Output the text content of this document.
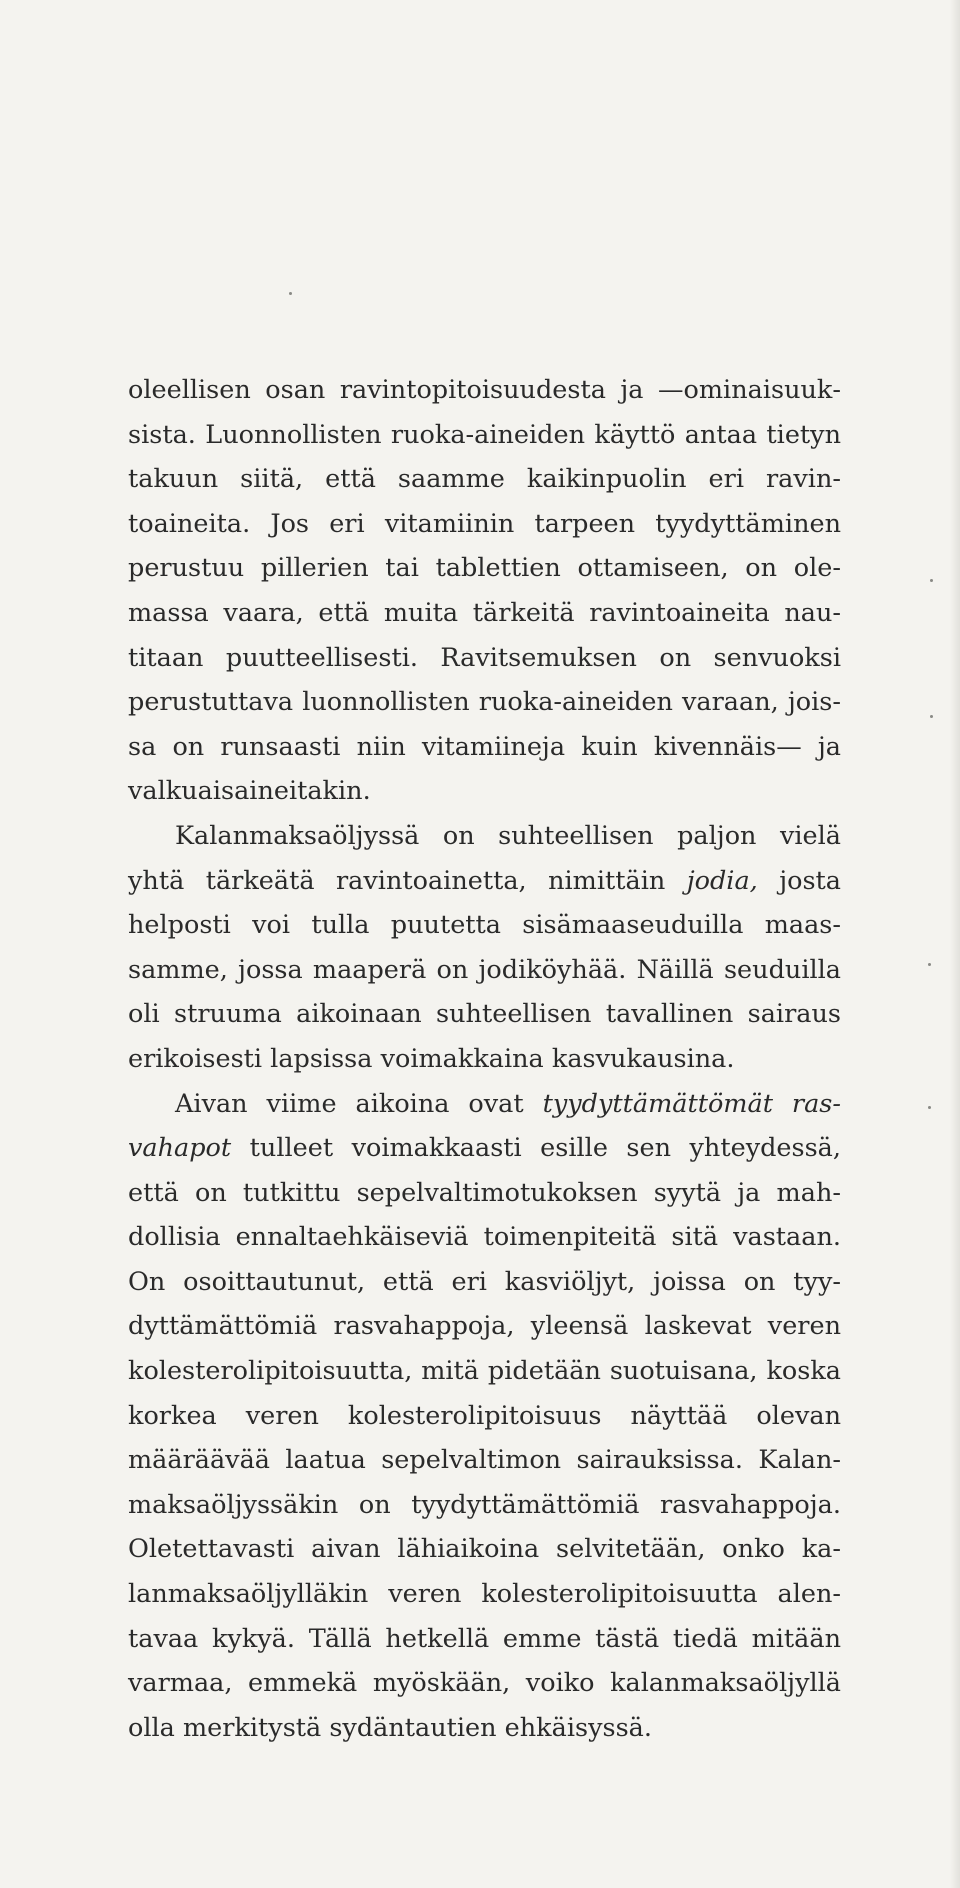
oleellisen osan ravintopitoisuudesta ja —ominaisuuksista. Luonnollisten ruoka-aineiden käyttö antaa tietyn takuun siitä, että saamme kaikinpuolin eri ravintoaineita. Jos eri vitamiinin tarpeen tyydyttäminen perustuu pillerien tai tablettien ottamiseen, on olemassa vaara, että muita tärkeitä ravintoaineita nautitaan puutteellisesti. Ravitsemuksen on senvuoksi perustuttava luonnollisten ruoka-aineiden varaan, joissa on runsaasti niin vitamiineja kuin kivennäis— ja valkuaisaineitakin.

Kalanmaksaöljyssä on suhteellisen paljon vielä yhtä tärkeätä ravintoainetta, nimittäin jodia, josta helposti voi tulla puutetta sisämaaseuduilla maassamme, jossa maaperä on jodiköyhää. Näillä seuduilla oli struuma aikoinaan suhteellisen tavallinen sairaus erikoisesti lapsissa voimakkaina kasvukausina.

Aivan viime aikoina ovat tyydyttämättömät rasvahapot tulleet voimakkaasti esille sen yhteydessä, että on tutkittu sepelvaltimotukoksen syytä ja mahdollisia ennaltaehkäiseviä toimenpiteitä sitä vastaan. On osoittautunut, että eri kasviöljyt, joissa on tyydyttämättömiä rasvahappoja, yleensä laskevat veren kolesterolipitoisuutta, mitä pidetään suotuisana, koska korkea veren kolesterolipitoisuus näyttää olevan määräävää laatua sepelvaltimon sairauksissa. Kalanmaksaöljyssäkin on tyydyttämättömiä rasvahappoja. Oletettavasti aivan lähiaikoina selvitetään, onko kalanmaksaöljylläkin veren kolesterolipitoisuutta alentavaa kykyä. Tällä hetkellä emme tästä tiedä mitään varmaa, emmekä myöskään, voiko kalanmaksaöljyllä olla merkitystä sydäntautien ehkäisyssä.
